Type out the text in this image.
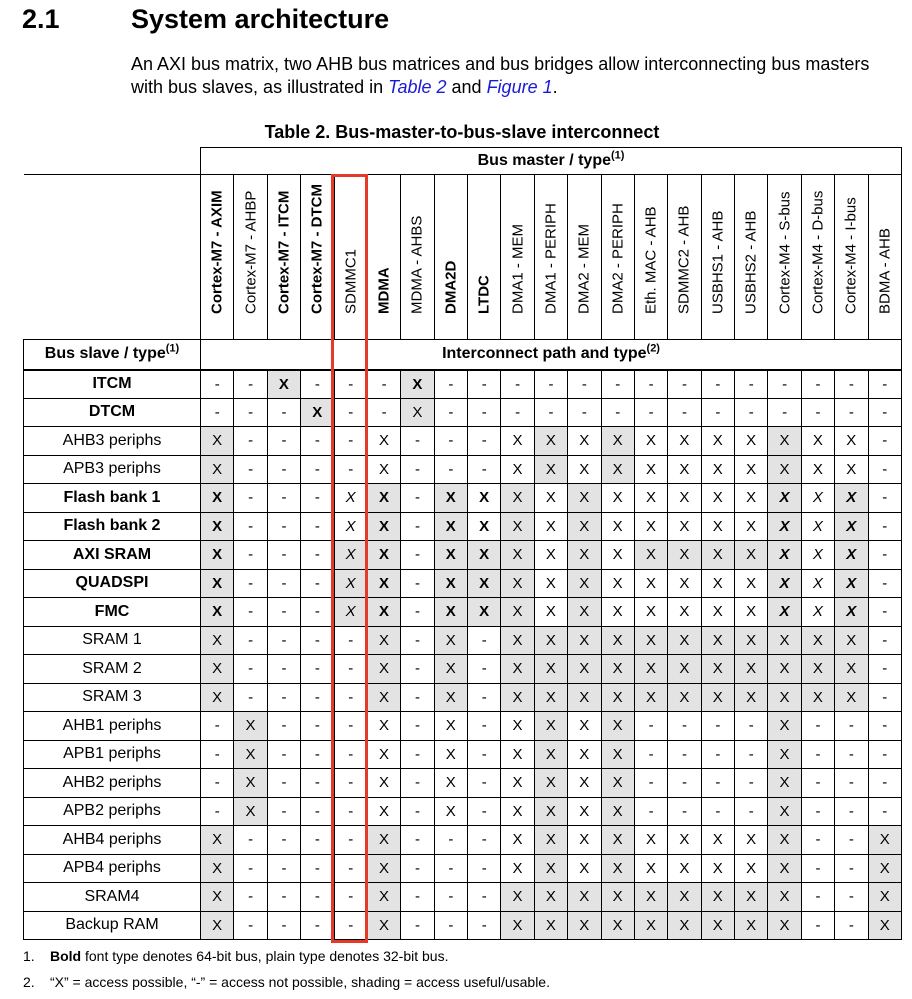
2.1	System architecture
An AXI bus matrix, two AHB bus matrices and bus bridges allow interconnecting bus masters with bus slaves, as illustrated in Table 2 and Figure 1.
Table 2. Bus-master-to-bus-slave interconnect
	Bus master / type$^{(1)}$

	Cortex-M7 - AXIM	Cortex-M7 - AHBP	Cortex-M7 - ITCM	Cortex-M7 - DTCM	SDMMC1	MDMA	MDMA - AHBS	DMA2D	LTDC	DMA1 - MEM	DMA1 - PERIPH	DMA2 - MEM	DMA2 - PERIPH	Eth. MAC - AHB	SDMMC2 - AHB	USBHS1 - AHB	USBHS2 - AHB	Cortex-M4 - S-bus	Cortex-M4 - D-bus	Cortex-M4 - I-bus	BDMA - AHB

Bus slave / type$^{(1)}$	Interconnect path and type$^{(2)}$
ITCM	-	-	X	-	-	-	X	-	-	-	-	-	-	-	-	-	-	-	-	-	-
DTCM	-	-	-	X	-	-	X	-	-	-	-	-	-	-	-	-	-	-	-	-	-
AHB3 periphs	X	-	-	-	-	X	-	-	-	X	X	X	X	X	X	X	X	X	X	X	-
APB3 periphs	X	-	-	-	-	X	-	-	-	X	X	X	X	X	X	X	X	X	X	X	-
Flash bank 1	X	-	-	-	X	X	-	X	X	X	X	X	X	X	X	X	X	X	X	X	-
Flash bank 2	X	-	-	-	X	X	-	X	X	X	X	X	X	X	X	X	X	X	X	X	-
AXI SRAM	X	-	-	-	X	X	-	X	X	X	X	X	X	X	X	X	X	X	X	X	-
QUADSPI	X	-	-	-	X	X	-	X	X	X	X	X	X	X	X	X	X	X	X	X	-
FMC	X	-	-	-	X	X	-	X	X	X	X	X	X	X	X	X	X	X	X	X	-
SRAM 1	X	-	-	-	-	X	-	X	-	X	X	X	X	X	X	X	X	X	X	X	-
SRAM 2	X	-	-	-	-	X	-	X	-	X	X	X	X	X	X	X	X	X	X	X	-
SRAM 3	X	-	-	-	-	X	-	X	-	X	X	X	X	X	X	X	X	X	X	X	-
AHB1 periphs	-	X	-	-	-	X	-	X	-	X	X	X	X	-	-	-	-	X	-	-	-
APB1 periphs	-	X	-	-	-	X	-	X	-	X	X	X	X	-	-	-	-	X	-	-	-
AHB2 periphs	-	X	-	-	-	X	-	X	-	X	X	X	X	-	-	-	-	X	-	-	-
APB2 periphs	-	X	-	-	-	X	-	X	-	X	X	X	X	-	-	-	-	X	-	-	-
AHB4 periphs	X	-	-	-	-	X	-	-	-	X	X	X	X	X	X	X	X	X	-	-	X
APB4 periphs	X	-	-	-	-	X	-	-	-	X	X	X	X	X	X	X	X	X	-	-	X
SRAM4	X	-	-	-	-	X	-	-	-	X	X	X	X	X	X	X	X	X	-	-	X
Backup RAM	X	-	-	-	-	X	-	-	-	X	X	X	X	X	X	X	X	X	-	-	X
1. Bold font type denotes 64-bit bus, plain type denotes 32-bit bus.
2. “X” = access possible, “-” = access not possible, shading = access useful/usable.
